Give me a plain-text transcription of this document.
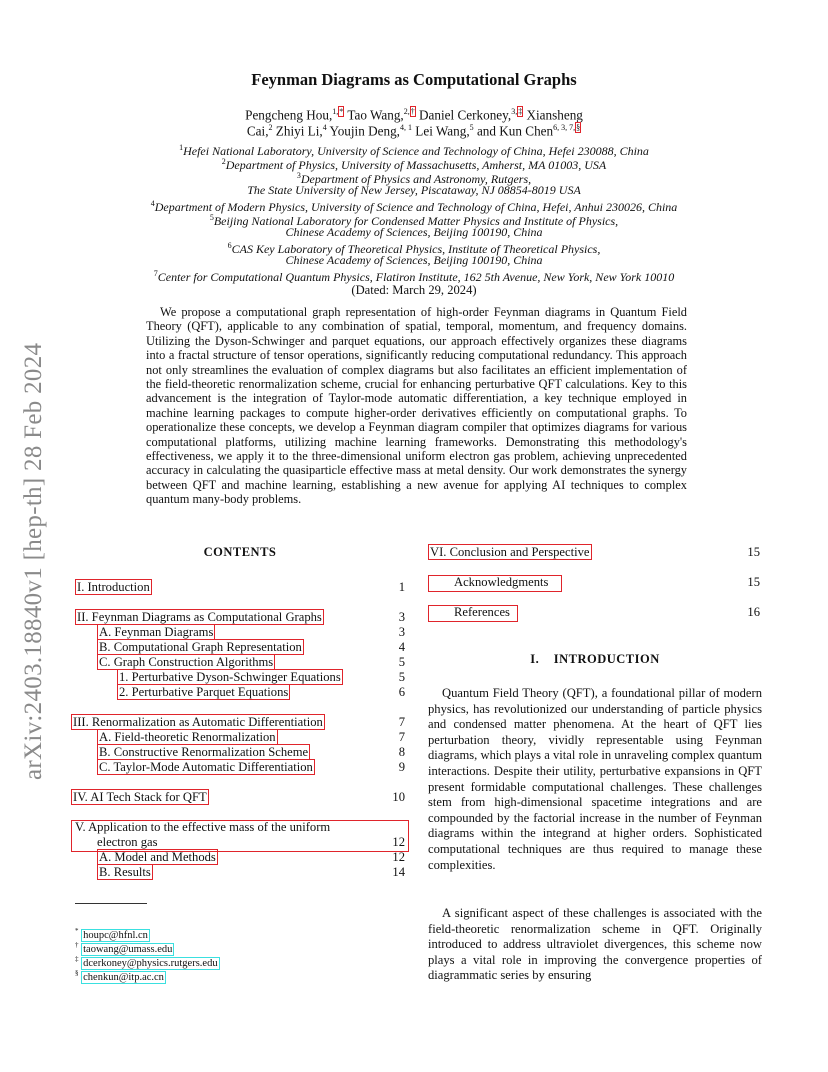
arXiv:2403.18840v1 [hep-th] 28 Feb 2024
Feynman Diagrams as Computational Graphs
Pengcheng Hou,$^{1,*}$ Tao Wang,$^{2,\dagger}$ Daniel Cerkoney,$^{3,\ddagger}$ Xiansheng
Cai,$^2$ Zhiyi Li,$^4$ Youjin Deng,$^{4, 1}$ Lei Wang,$^5$ and Kun Chen$^{6, 3, 7,\S}$
$^1$Hefei National Laboratory, University of Science and Technology of China, Hefei 230088, China
$^2$Department of Physics, University of Massachusetts, Amherst, MA 01003, USA
$^3$Department of Physics and Astronomy, Rutgers,
The State University of New Jersey, Piscataway, NJ 08854-8019 USA
$^4$Department of Modern Physics, University of Science and Technology of China, Hefei, Anhui 230026, China
$^5$Beijing National Laboratory for Condensed Matter Physics and Institute of Physics,
Chinese Academy of Sciences, Beijing 100190, China
$^6$CAS Key Laboratory of Theoretical Physics, Institute of Theoretical Physics,
Chinese Academy of Sciences, Beijing 100190, China
$^7$Center for Computational Quantum Physics, Flatiron Institute, 162 5th Avenue, New York, New York 10010
(Dated: March 29, 2024)
We propose a computational graph representation of high-order Feynman diagrams in Quantum Field Theory (QFT), applicable to any combination of spatial, temporal, momentum, and frequency domains. Utilizing the Dyson-Schwinger and parquet equations, our approach effectively organizes these diagrams into a fractal structure of tensor operations, significantly reducing computational redundancy. This approach not only streamlines the evaluation of complex diagrams but also facilitates an efficient implementation of the field-theoretic renormalization scheme, crucial for enhancing perturbative QFT calculations. Key to this advancement is the integration of Taylor-mode automatic differentiation, a key technique employed in machine learning packages to compute higher-order derivatives efficiently on computational graphs. To operationalize these concepts, we develop a Feynman diagram compiler that optimizes diagrams for various computational platforms, utilizing machine learning frameworks. Demonstrating this methodology's effectiveness, we apply it to the three-dimensional uniform electron gas problem, achieving unprecedented accuracy in calculating the quasiparticle effective mass at metal density. Our work demonstrates the synergy between QFT and machine learning, establishing a new avenue for applying AI techniques to complex quantum many-body problems.
CONTENTS
I. Introduction	1
II. Feynman Diagrams as Computational Graphs	3
A. Feynman Diagrams	3
B. Computational Graph Representation	4
C. Graph Construction Algorithms	5
1. Perturbative Dyson-Schwinger Equations	5
2. Perturbative Parquet Equations	6
III. Renormalization as Automatic Differentiation	7
A. Field-theoretic Renormalization	7
B. Constructive Renormalization Scheme	8
C. Taylor-Mode Automatic Differentiation	9
IV. AI Tech Stack for QFT	10
V. Application to the effective mass of the uniform
electron gas	12
A. Model and Methods	12
B. Results	14
VI. Conclusion and Perspective	15
Acknowledgments	15
References	16
* houpc@hfnl.cn
† taowang@umass.edu
‡ dcerkoney@physics.rutgers.edu
§ chenkun@itp.ac.cn
I.    INTRODUCTION
Quantum Field Theory (QFT), a foundational pillar of modern physics, has revolutionized our understanding of particle physics and condensed matter phenomena. At the heart of QFT lies perturbation theory, vividly representable using Feynman diagrams, which plays a vital role in unraveling complex quantum interactions. Despite their utility, perturbative expansions in QFT present formidable computational challenges. These challenges stem from high-dimensional spacetime integrations and are compounded by the factorial increase in the number of Feynman diagrams within the integrand at higher orders. Sophisticated computational techniques are thus required to manage these complexities.
A significant aspect of these challenges is associated with the field-theoretic renormalization scheme in QFT. Originally introduced to address ultraviolet divergences, this scheme now plays a vital role in improving the convergence properties of diagrammatic series by ensuring
